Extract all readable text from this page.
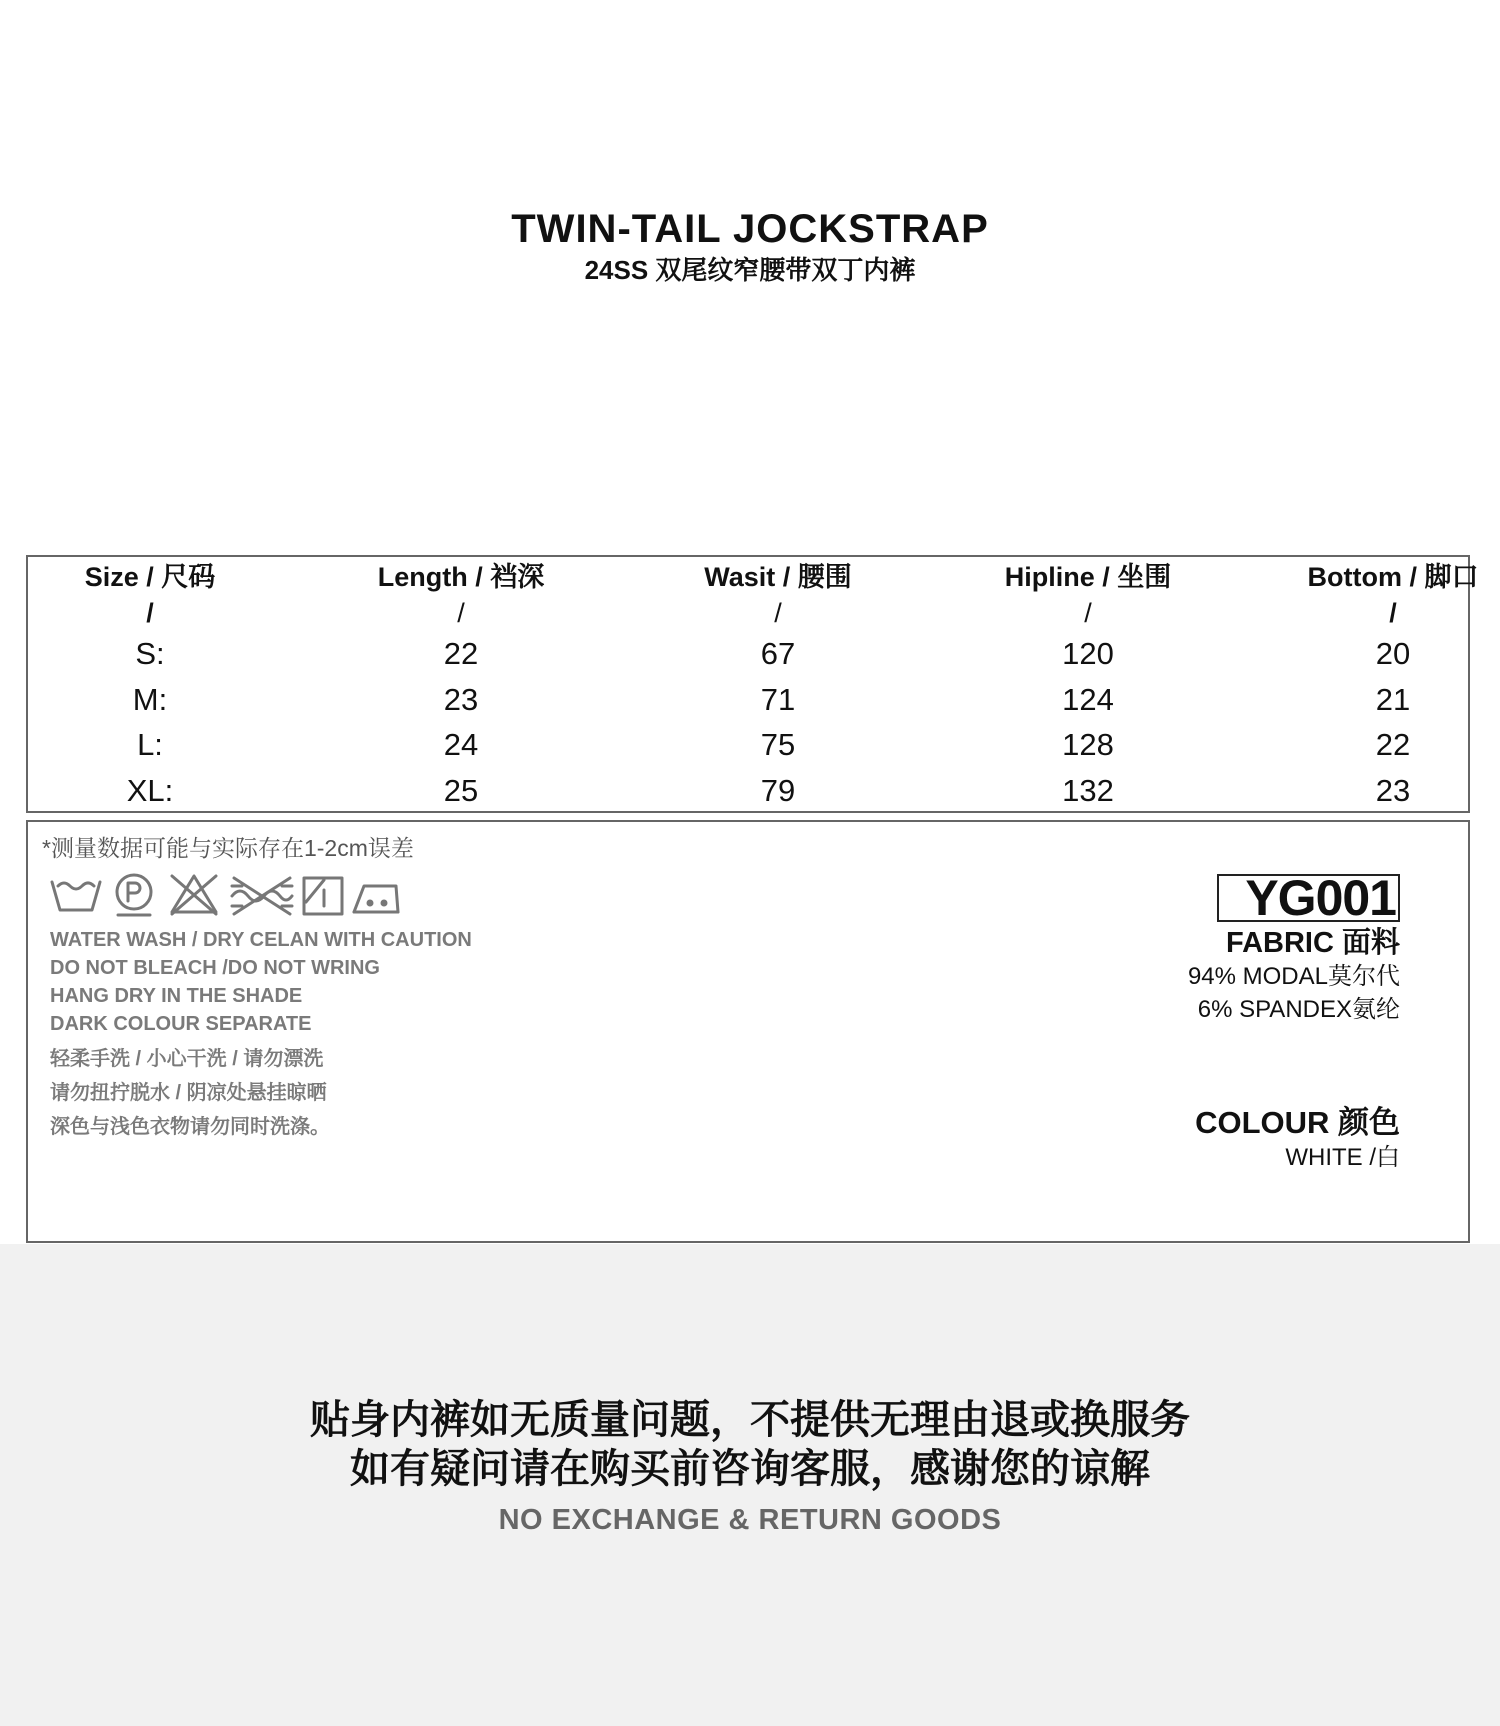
TWIN-TAIL JOCKSTRAP
24SS 双尾纹窄腰带双丁内裤
Size / 尺码
/
S:
M:
L:
XL:
Length / 裆深
/
22
23
24
25
Wasit / 腰围
/
67
71
75
79
Hipline / 坐围
/
120
124
128
132
Bottom / 脚口
/
20
21
22
23
*测量数据可能与实际存在1-2cm误差
WATER WASH / DRY CELAN WITH CAUTION
DO NOT BLEACH /DO NOT WRING
HANG DRY IN THE SHADE
DARK COLOUR SEPARATE
轻柔手洗 / 小心干洗 / 请勿漂洗
请勿扭拧脱水 / 阴凉处悬挂晾晒
深色与浅色衣物请勿同时洗涤。
YG001
FABRIC 面料
94% MODAL莫尔代
6% SPANDEX氨纶
COLOUR 颜色
WHITE /白
贴身内裤如无质量问题，不提供无理由退或换服务
如有疑问请在购买前咨询客服，感谢您的谅解
NO EXCHANGE & RETURN GOODS
